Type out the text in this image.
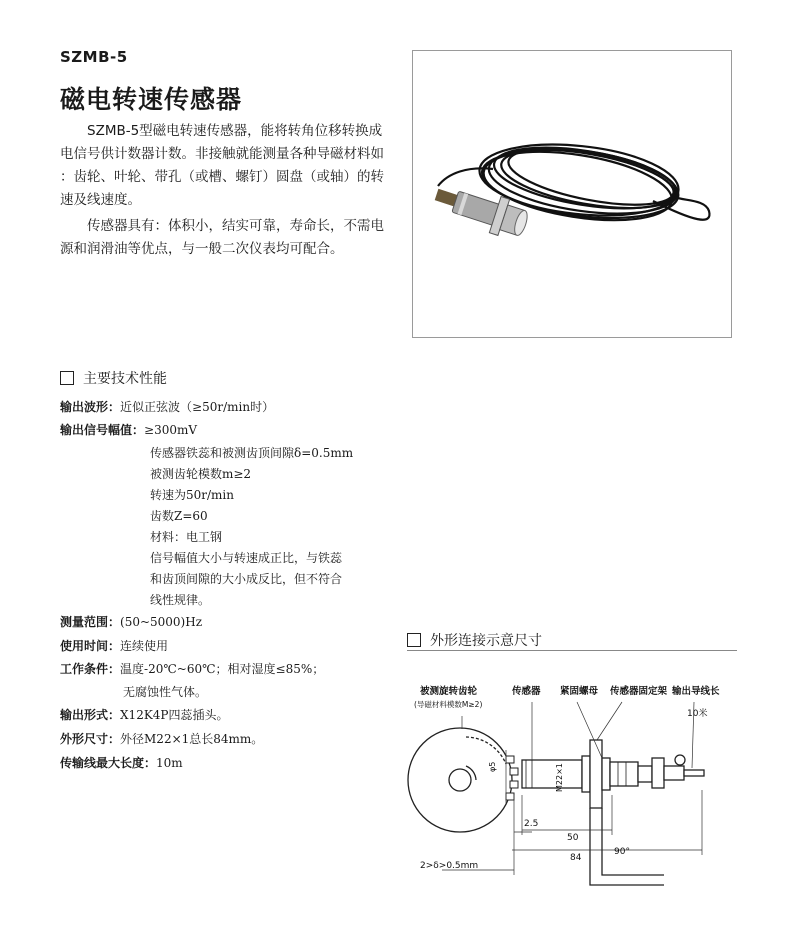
SZMB-5
磁电转速传感器

SZMB-5型磁电转速传感器，能将转角位移转换成电信号供计数器计数。非接触就能测量各种导磁材料如 ：齿轮、叶轮、带孔（或槽、螺钉）圆盘（或轴）的转速及线速度。

传感器具有：体积小，结实可靠，寿命长，不需电源和润滑油等优点，与一般二次仪表均可配合。

主要技术性能
输出波形：近似正弦波（≥50r/min时）
输出信号幅值：≥300mV
传感器铁蕊和被测齿顶间隙δ=0.5mm
被测齿轮模数m≥2
转速为50r/min
齿数Z=60
材料：电工钢
信号幅值大小与转速成正比，与铁蕊
和齿顶间隙的大小成反比，但不符合
线性规律。
测量范围：(50~5000)Hz
使用时间：连续使用
工作条件：温度-20℃~60℃；相对湿度≤85%；
无腐蚀性气体。
输出形式：X12K4P四蕊插头。
外形尺寸：外径M22×1总长84mm。
传输线最大长度：10m
外形连接示意尺寸
被测旋转齿轮
(导磁材料模数M≥2)
传感器 紧固螺母 传感器固定架 输出导线长
10米
φ5	M22×1
2.5
50
84
90°
2>δ>0.5mm
